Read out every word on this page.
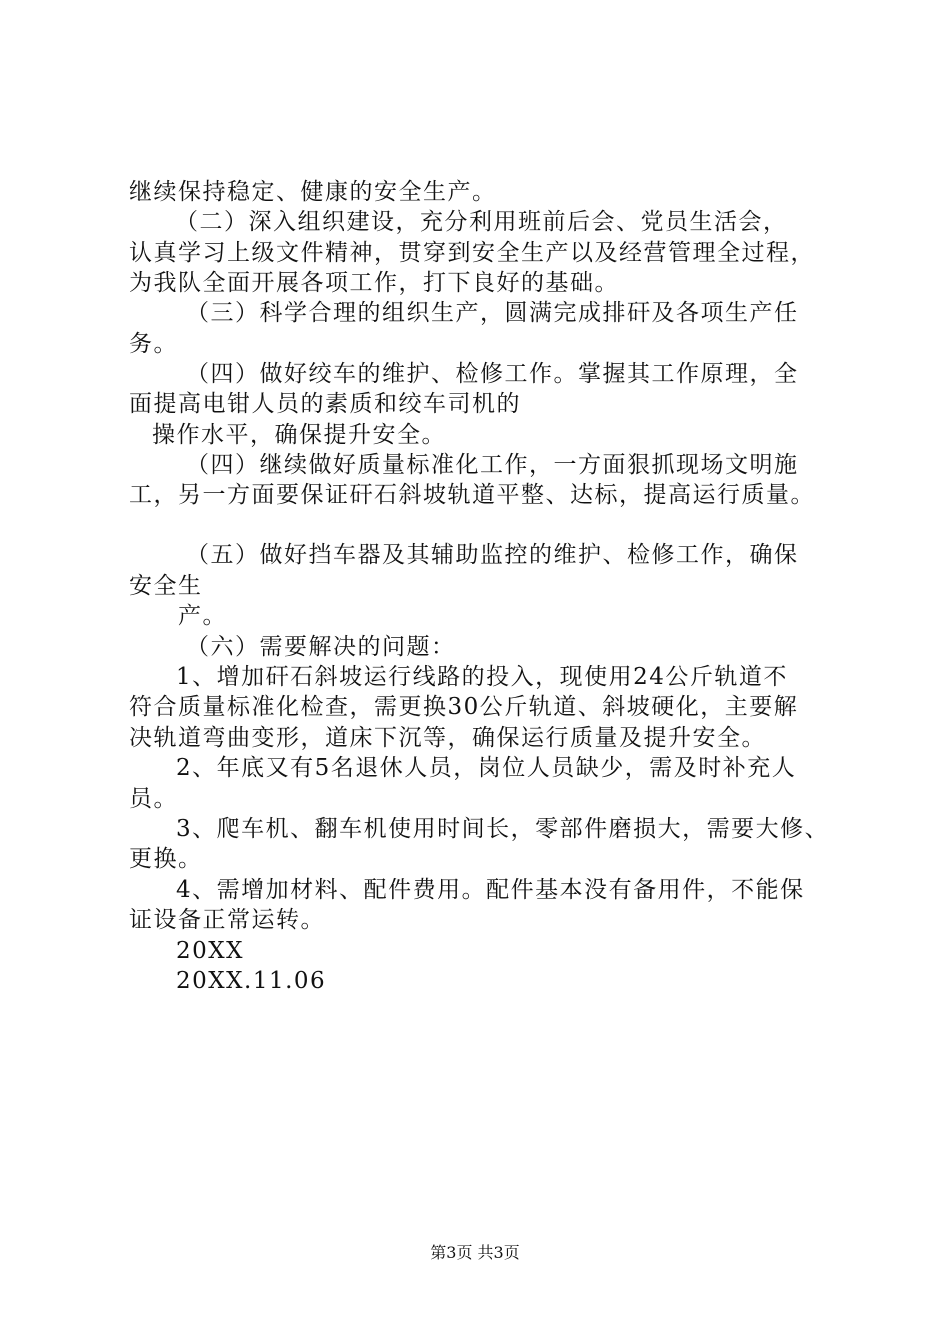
继续保持稳定、健康的安全生产。
（二）深入组织建设，充分利用班前后会、党员生活会，
认真学习上级文件精神，贯穿到安全生产以及经营管理全过程，
为我队全面开展各项工作，打下良好的基础。
（三）科学合理的组织生产，圆满完成排矸及各项生产任
务。
（四）做好绞车的维护、检修工作。掌握其工作原理，全
面提高电钳人员的素质和绞车司机的
操作水平，确保提升安全。
（四）继续做好质量标准化工作，一方面狠抓现场文明施
工，另一方面要保证矸石斜坡轨道平整、达标，提高运行质量。
（五）做好挡车器及其辅助监控的维护、检修工作，确保
安全生
产。
（六）需要解决的问题：
1、增加矸石斜坡运行线路的投入，现使用24公斤轨道不
符合质量标准化检查，需更换30公斤轨道、斜坡硬化，主要解
决轨道弯曲变形，道床下沉等，确保运行质量及提升安全。
2、年底又有5名退休人员，岗位人员缺少，需及时补充人
员。
3、爬车机、翻车机使用时间长，零部件磨损大，需要大修、
更换。
4、需增加材料、配件费用。配件基本没有备用件，不能保
证设备正常运转。
20XX
20XX.11.06
第3页 共3页
